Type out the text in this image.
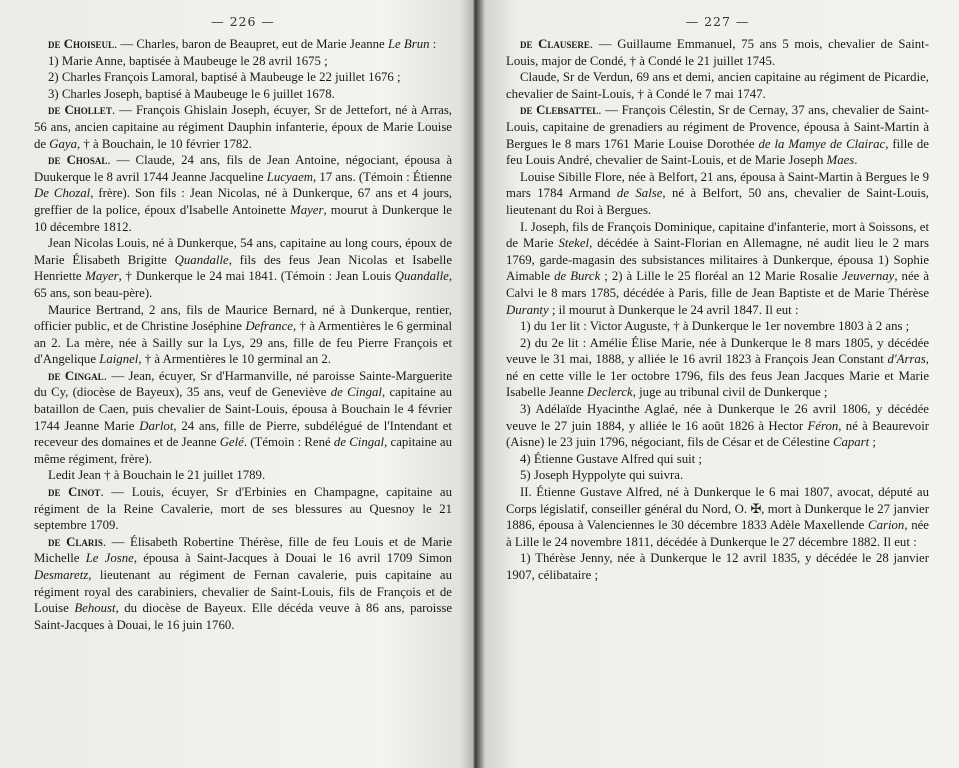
— 226 —

de Choiseul. — Charles, baron de Beaupret, eut de Marie Jeanne Le Brun :

1) Marie Anne, baptisée à Maubeuge le 28 avril 1675 ;

2) Charles François Lamoral, baptisé à Maubeuge le 22 juillet 1676 ;

3) Charles Joseph, baptisé à Maubeuge le 6 juillet 1678.

de Chollet. — François Ghislain Joseph, écuyer, Sr de Jettefort, né à Arras, 56 ans, ancien capitaine au régiment Dauphin infanterie, époux de Marie Louise de Gaya, † à Bouchain, le 10 février 1782.

de Chosal. — Claude, 24 ans, fils de Jean Antoine, négociant, épousa à Duukerque le 8 avril 1744 Jeanne Jacqueline Lucyaem, 17 ans. (Témoin : Étienne De Chozal, frère). Son fils : Jean Nicolas, né à Dunkerque, 67 ans et 4 jours, greffier de la police, époux d'Isabelle Antoinette Mayer, mourut à Dunkerque le 10 décembre 1812.

Jean Nicolas Louis, né à Dunkerque, 54 ans, capitaine au long cours, époux de Marie Élisabeth Brigitte Quandalle, fils des feus Jean Nicolas et Isabelle Henriette Mayer, † Dunkerque le 24 mai 1841. (Témoin : Jean Louis Quandalle, 65 ans, son beau-père).

Maurice Bertrand, 2 ans, fils de Maurice Bernard, né à Dunkerque, rentier, officier public, et de Christine Joséphine Defrance, † à Armentières le 6 germinal an 2. La mère, née à Sailly sur la Lys, 29 ans, fille de feu Pierre François et d'Angelique Laignel, † à Armentières le 10 germinal an 2.

de Cingal. — Jean, écuyer, Sr d'Harmanville, né paroisse Sainte-Marguerite du Cy, (diocèse de Bayeux), 35 ans, veuf de Geneviève de Cingal, capitaine au bataillon de Caen, puis chevalier de Saint-Louis, épousa à Bouchain le 4 février 1744 Jeanne Marie Darlot, 24 ans, fille de Pierre, subdélégué de l'Intendant et receveur des domaines et de Jeanne Gelé. (Témoin : René de Cingal, capitaine au même régiment, frère).

Ledit Jean † à Bouchain le 21 juillet 1789.

de Cinot. — Louis, écuyer, Sr d'Erbinies en Champagne, capitaine au régiment de la Reine Cavalerie, mort de ses blessures au Quesnoy le 21 septembre 1709.

de Claris. — Élisabeth Robertine Thérèse, fille de feu Louis et de Marie Michelle Le Josne, épousa à Saint-Jacques à Douai le 16 avril 1709 Simon Desmaretz, lieutenant au régiment de Fernan cavalerie, puis capitaine au régiment royal des carabiniers, chevalier de Saint-Louis, fils de François et de Louise Behoust, du diocèse de Bayeux. Elle décéda veuve à 86 ans, paroisse Saint-Jacques à Douai, le 16 juin 1760.

— 227 —

de Clausere. — Guillaume Emmanuel, 75 ans 5 mois, chevalier de Saint-Louis, major de Condé, † à Condé le 21 juillet 1745.

Claude, Sr de Verdun, 69 ans et demi, ancien capitaine au régiment de Picardie, chevalier de Saint-Louis, † à Condé le 7 mai 1747.

de Clebsattel. — François Célestin, Sr de Cernay, 37 ans, chevalier de Saint-Louis, capitaine de grenadiers au régiment de Provence, épousa à Saint-Martin à Bergues le 8 mars 1761 Marie Louise Dorothée de la Mamye de Clairac, fille de feu Louis André, chevalier de Saint-Louis, et de Marie Joseph Maes.

Louise Sibille Flore, née à Belfort, 21 ans, épousa à Saint-Martin à Bergues le 9 mars 1784 Armand de Salse, né à Belfort, 50 ans, chevalier de Saint-Louis, lieutenant du Roi à Bergues.

I. Joseph, fils de François Dominique, capitaine d'infanterie, mort à Soissons, et de Marie Stekel, décédée à Saint-Florian en Allemagne, né audit lieu le 2 mars 1769, garde-magasin des subsistances militaires à Dunkerque, épousa 1) Sophie Aimable de Burck ; 2) à Lille le 25 floréal an 12 Marie Rosalie Jeuvernay, née à Calvi le 8 mars 1785, décédée à Paris, fille de Jean Baptiste et de Marie Thérèse Duranty ; il mourut à Dunkerque le 24 avril 1847. Il eut :

1) du 1er lit : Victor Auguste, † à Dunkerque le 1er novembre 1803 à 2 ans ;

2) du 2e lit : Amélie Élise Marie, née à Dunkerque le 8 mars 1805, y décédée veuve le 31 mai, 1888, y alliée le 16 avril 1823 à François Jean Constant d'Arras, né en cette ville le 1er octobre 1796, fils des feus Jean Jacques Marie et Marie Isabelle Jeanne Declerck, juge au tribunal civil de Dunkerque ;

3) Adélaïde Hyacinthe Aglaé, née à Dunkerque le 26 avril 1806, y décédée veuve le 27 juin 1884, y alliée le 16 août 1826 à Hector Féron, né à Beaurevoir (Aisne) le 23 juin 1796, négociant, fils de César et de Célestine Capart ;

4) Étienne Gustave Alfred qui suit ;

5) Joseph Hyppolyte qui suivra.

II. Étienne Gustave Alfred, né à Dunkerque le 6 mai 1807, avocat, député au Corps législatif, conseiller général du Nord, O. ✠, mort à Dunkerque le 27 janvier 1886, épousa à Valenciennes le 30 décembre 1833 Adèle Maxellende Carion, née à Lille le 24 novembre 1811, décédée à Dunkerque le 27 décembre 1882. Il eut :

1) Thérèse Jenny, née à Dunkerque le 12 avril 1835, y décédée le 28 janvier 1907, célibataire ;
